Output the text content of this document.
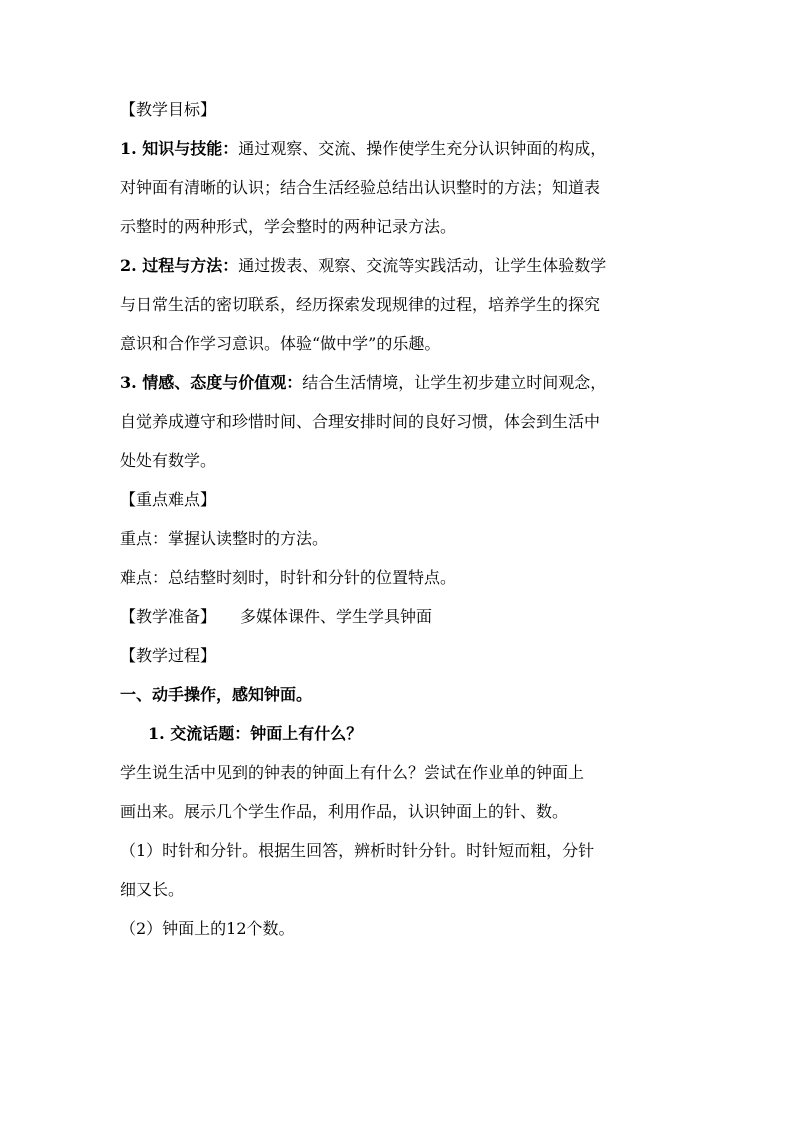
【教学目标】
1. 知识与技能：通过观察、交流、操作使学生充分认识钟面的构成，
对钟面有清晰的认识；结合生活经验总结出认识整时的方法；知道表
示整时的两种形式，学会整时的两种记录方法。
2. 过程与方法：通过拨表、观察、交流等实践活动，让学生体验数学
与日常生活的密切联系，经历探索发现规律的过程，培养学生的探究
意识和合作学习意识。体验“做中学”的乐趣。
3. 情感、态度与价值观：结合生活情境，让学生初步建立时间观念，
自觉养成遵守和珍惜时间、合理安排时间的良好习惯，体会到生活中
处处有数学。
【重点难点】
重点：掌握认读整时的方法。
难点：总结整时刻时，时针和分针的位置特点。
【教学准备】 多媒体课件、学生学具钟面
【教学过程】
一、动手操作，感知钟面。
1. 交流话题：钟面上有什么？
学生说生活中见到的钟表的钟面上有什么？尝试在作业单的钟面上
画出来。展示几个学生作品，利用作品，认识钟面上的针、数。
（1）时针和分针。根据生回答，辨析时针分针。时针短而粗，分针
细又长。
（2）钟面上的12个数。
